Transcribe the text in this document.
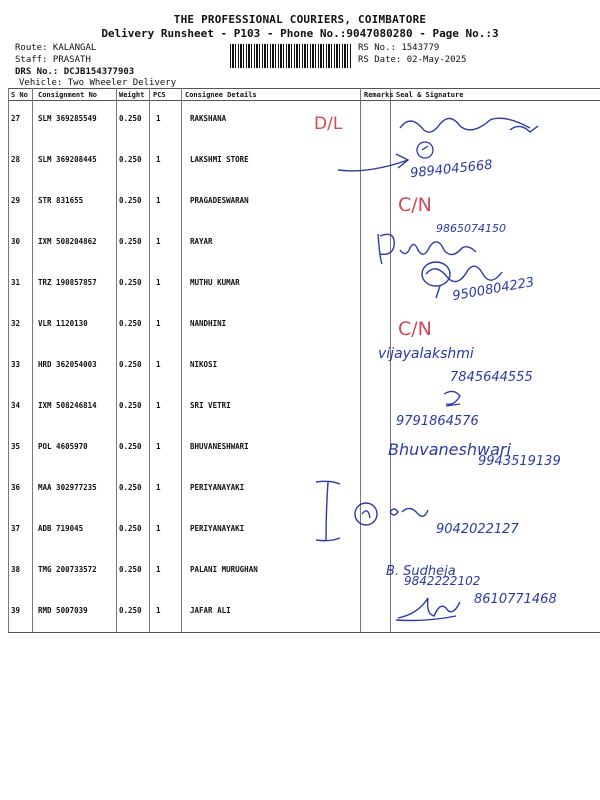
THE PROFESSIONAL COURIERS, COIMBATORE
Delivery Runsheet - P103 - Phone No.:9047080280 - Page No.:3
Route: KALANGAL
Staff: PRASATH
DRS No.: DCJB154377903
Vehicle: Two Wheeler Delivery
RS No.: 1543779
RS Date: 02-May-2025
S No Consignment No	Weight PCS	Consignee Details	Remarks Seal & Signature
27 SLM 369285549	0.250 1	RAKSHANA
28 SLM 369208445	0.250 1	LAKSHMI STORE
29 STR 831655	0.250 1	PRAGADESWARAN
30 IXM 508204862	0.250 1	RAYAR
31 TRZ 190857857	0.250 1	MUTHU KUMAR
32 VLR 1120130	0.250 1	NANDHINI
33 HRD 362054003	0.250 1	NIKOSI
34 IXM 508246814	0.250 1	SRI VETRI
35 POL 4605970	0.250 1	BHUVANESHWARI
36 MAA 302977235	0.250 1	PERIYANAYAKI
37 ADB 719045	0.250 1	PERIYANAYAKI
38 TMG 200733572	0.250 1	PALANI MURUGHAN
39 RMD 5007039	0.250 1	JAFAR ALI
D/L
9894045668
C/N
9865074150
9500804223
C/N
vijayalakshmi
7845644555
9791864576
Bhuvaneshwari
9943519139
9042022127
B. Sudheja
9842222102
8610771468
